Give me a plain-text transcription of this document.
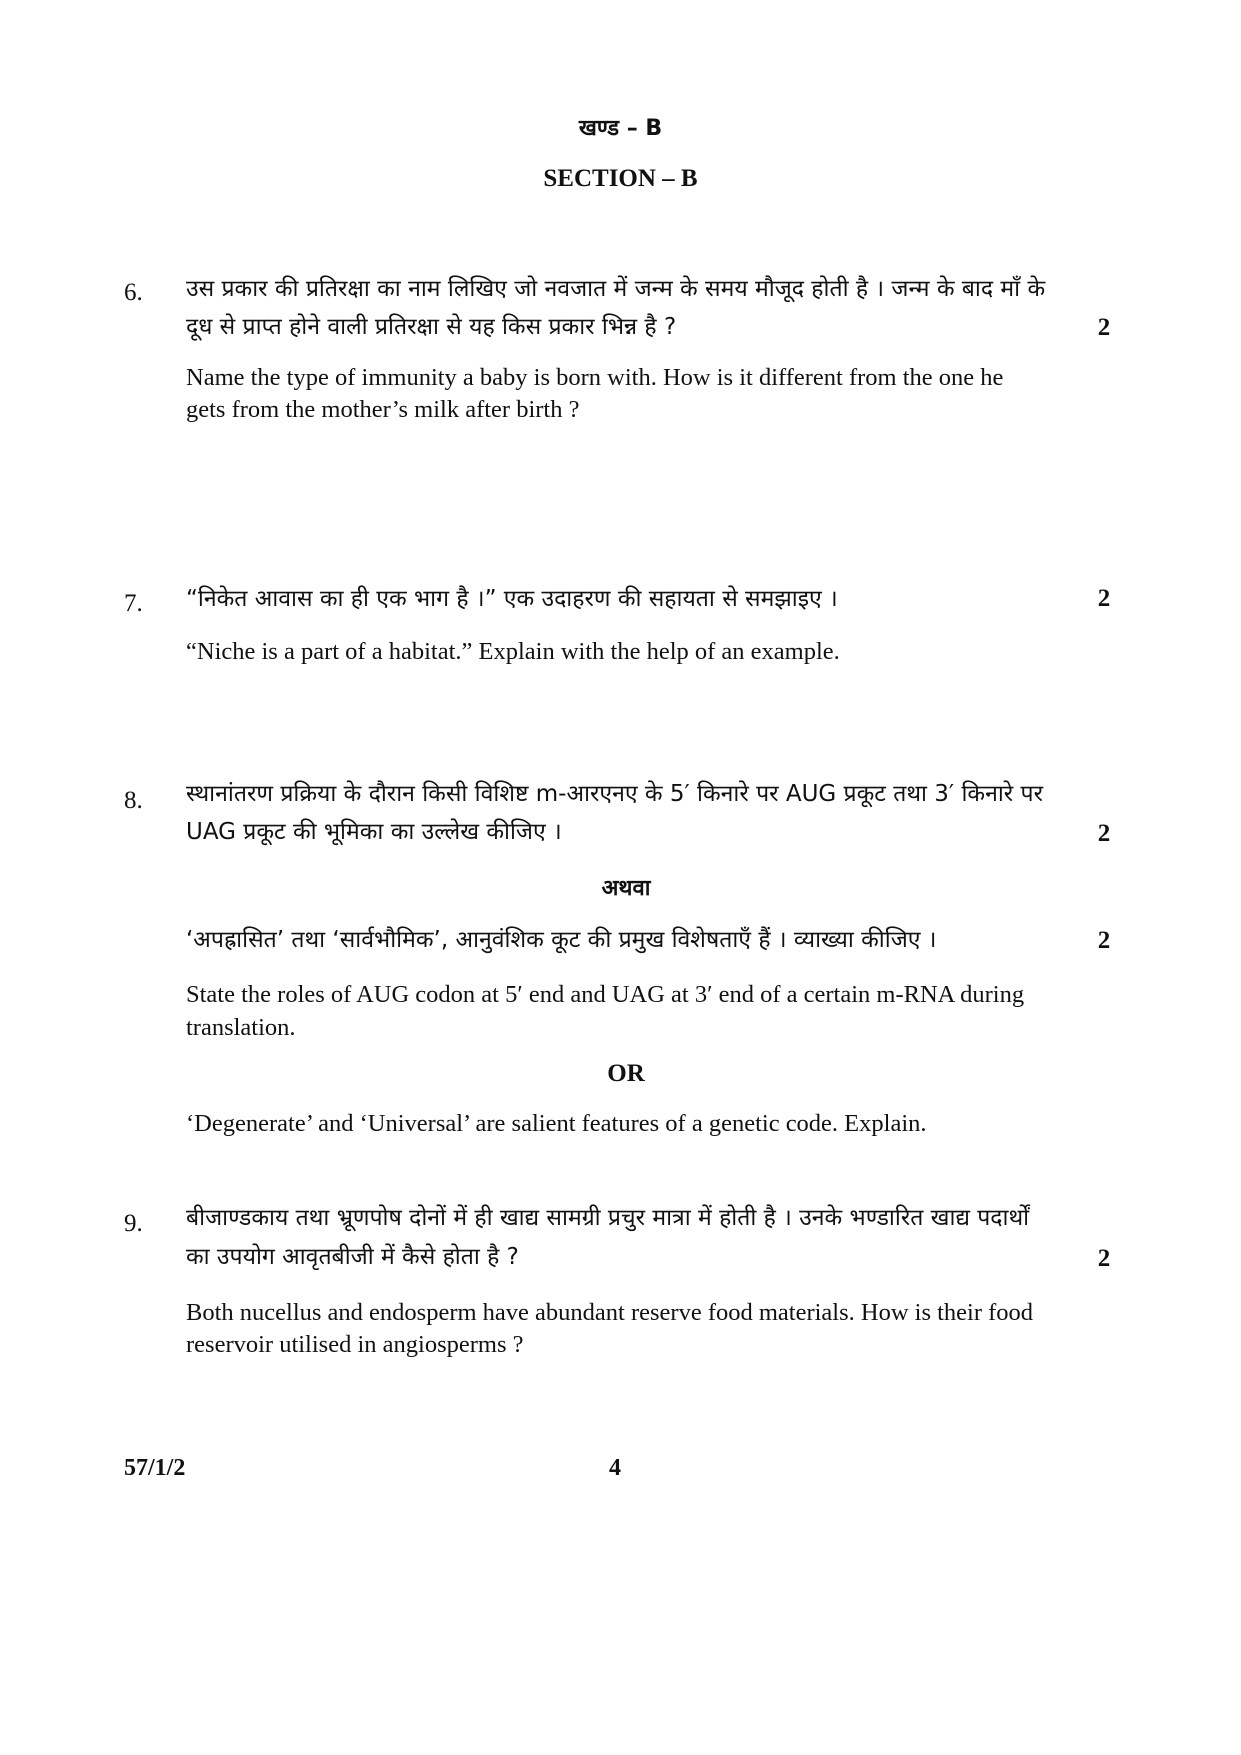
खण्ड – B
SECTION – B
6. उस प्रकार की प्रतिरक्षा का नाम लिखिए जो नवजात में जन्म के समय मौजूद होती है । जन्म के बाद माँ के
दूध से प्राप्त होने वाली प्रतिरक्षा से यह किस प्रकार भिन्न है ?	2
Name the type of immunity a baby is born with. How is it different from the one he
gets from the mother’s milk after birth ?
7. “निकेत आवास का ही एक भाग है ।” एक उदाहरण की सहायता से समझाइए ।	2
“Niche is a part of a habitat.” Explain with the help of an example.
8. स्थानांतरण प्रक्रिया के दौरान किसी विशिष्ट m-आरएनए के 5′ किनारे पर AUG प्रकूट तथा 3′ किनारे पर
UAG प्रकूट की भूमिका का उल्लेख कीजिए ।	2
अथवा
‘अपह्रासित’ तथा ‘सार्वभौमिक’, आनुवंशिक कूट की प्रमुख विशेषताएँ हैं । व्याख्या कीजिए ।	2
State the roles of AUG codon at 5′ end and UAG at 3′ end of a certain m-RNA during
translation.
OR
‘Degenerate’ and ‘Universal’ are salient features of a genetic code. Explain.
9. बीजाण्डकाय तथा भ्रूणपोष दोनों में ही खाद्य सामग्री प्रचुर मात्रा में होती है । उनके भण्डारित खाद्य पदार्थों
का उपयोग आवृतबीजी में कैसे होता है ?	2
Both nucellus and endosperm have abundant reserve food materials. How is their food
reservoir utilised in angiosperms ?
57/1/2	4
